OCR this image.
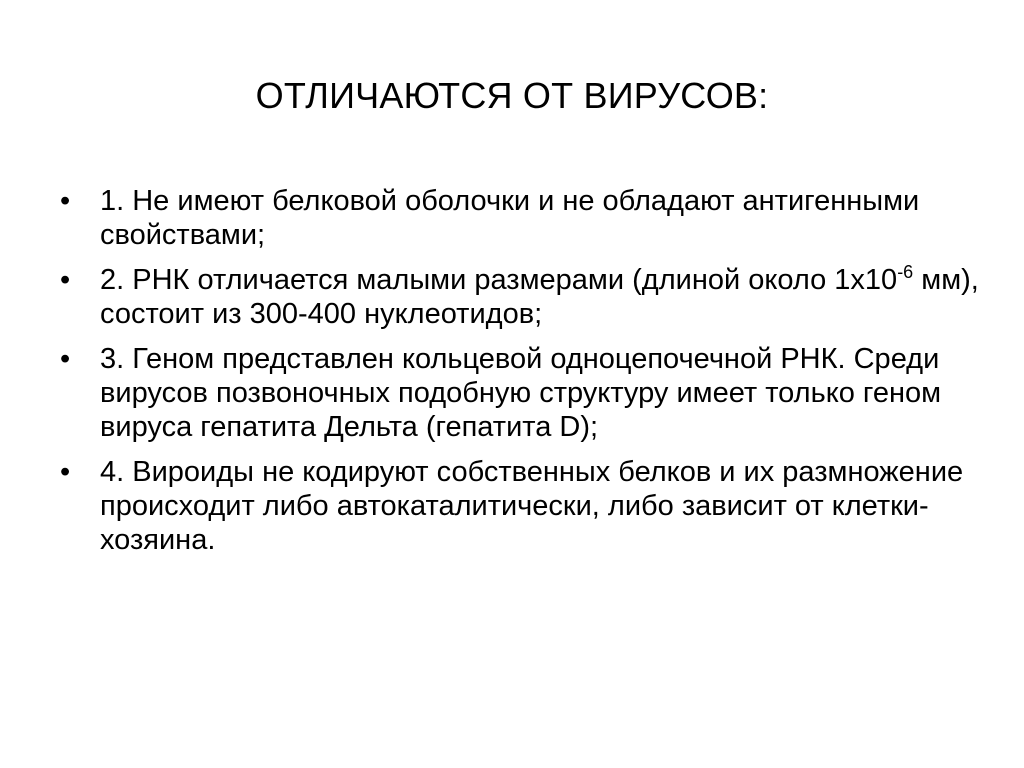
ОТЛИЧАЮТСЯ ОТ ВИРУСОВ:
• 1. Не имеют белковой оболочки и не обладают антигенными свойствами;
• 2. РНК отличается малыми размерами (длиной около $1x10^{-6}$ мм), состоит из 300-400 нуклеотидов;
• 3. Геном представлен кольцевой одноцепочечной РНК. Среди вирусов позвоночных подобную структуру имеет только геном вируса гепатита Дельта (гепатита D);
• 4. Вироиды не кодируют собственных белков и их размножение происходит либо автокаталитически, либо зависит от клетки-хозяина.
